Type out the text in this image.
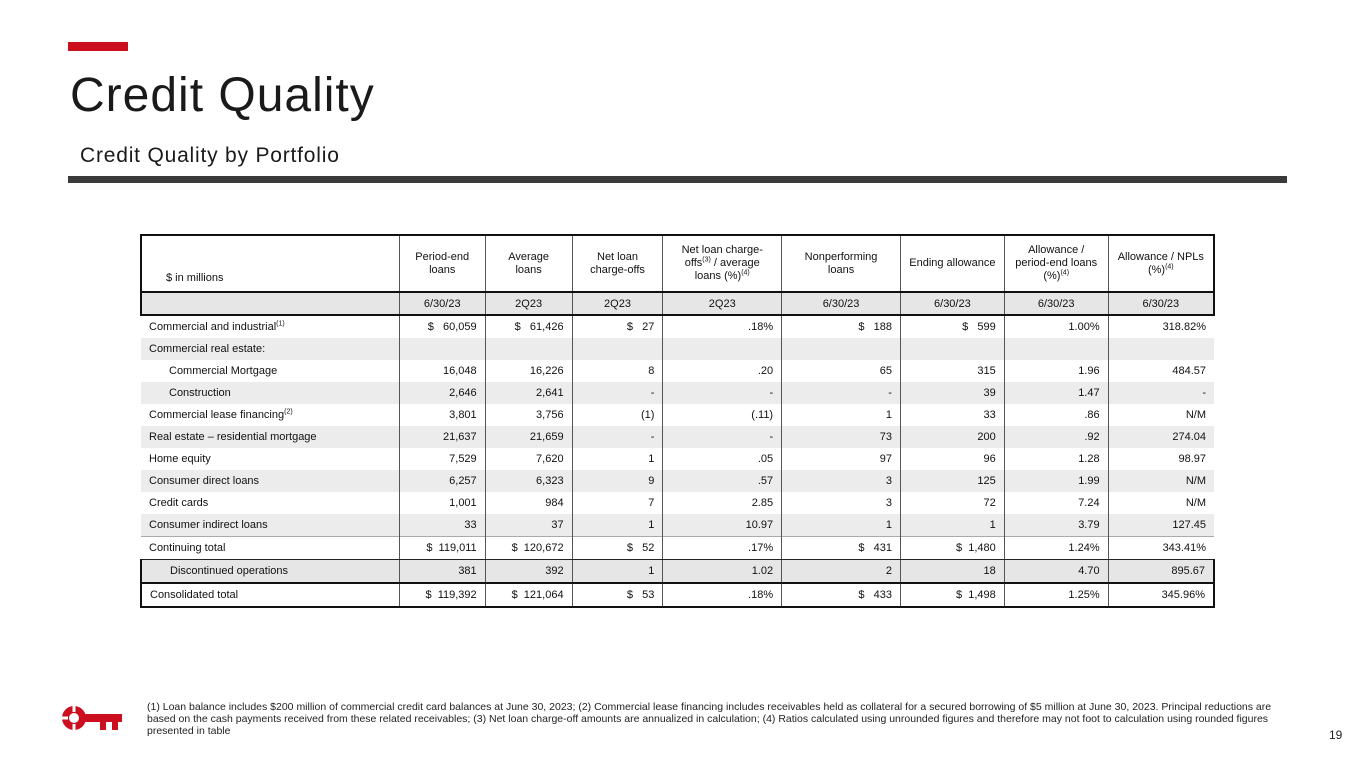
Credit Quality
Credit Quality by Portfolio
$ in millions	Period-end loans	Average loans	Net loan charge-offs	Net loan charge-offs$^{(3)}$ / average loans (%)$^{(4)}$	Nonperforming loans	Ending allowance	Allowance / period-end loans (%)$^{(4)}$	Allowance / NPLs (%)$^{(4)}$
	6/30/23	2Q23	2Q23	2Q23	6/30/23	6/30/23	6/30/23	6/30/23
Commercial and industrial$^{(1)}$	$   60,059	$   61,426	$   27	.18%	$   188	$   599	1.00%	318.82%
Commercial real estate:								
Commercial Mortgage	16,048	16,226	8	.20	65	315	1.96	484.57
Construction	2,646	2,641	-	-	-	39	1.47	-
Commercial lease financing$^{(2)}$	3,801	3,756	(1)	(.11)	1	33	.86	N/M
Real estate – residential mortgage	21,637	21,659	-	-	73	200	.92	274.04
Home equity	7,529	7,620	1	.05	97	96	1.28	98.97
Consumer direct loans	6,257	6,323	9	.57	3	125	1.99	N/M
Credit cards	1,001	984	7	2.85	3	72	7.24	N/M
Consumer indirect loans	33	37	1	10.97	1	1	3.79	127.45
Continuing total	$  119,011	$  120,672	$   52	.17%	$   431	$  1,480	1.24%	343.41%
Discontinued operations	381	392	1	1.02	2	18	4.70	895.67
Consolidated total	$  119,392	$  121,064	$   53	.18%	$   433	$  1,498	1.25%	345.96%
(1) Loan balance includes $200 million of commercial credit card balances at June 30, 2023; (2) Commercial lease financing includes receivables held as collateral for a secured borrowing of $5 million at June 30, 2023. Principal reductions are based on the cash payments received from these related receivables; (3) Net loan charge-off amounts are annualized in calculation; (4) Ratios calculated using unrounded figures and therefore may not foot to calculation using rounded figures presented in table	19
